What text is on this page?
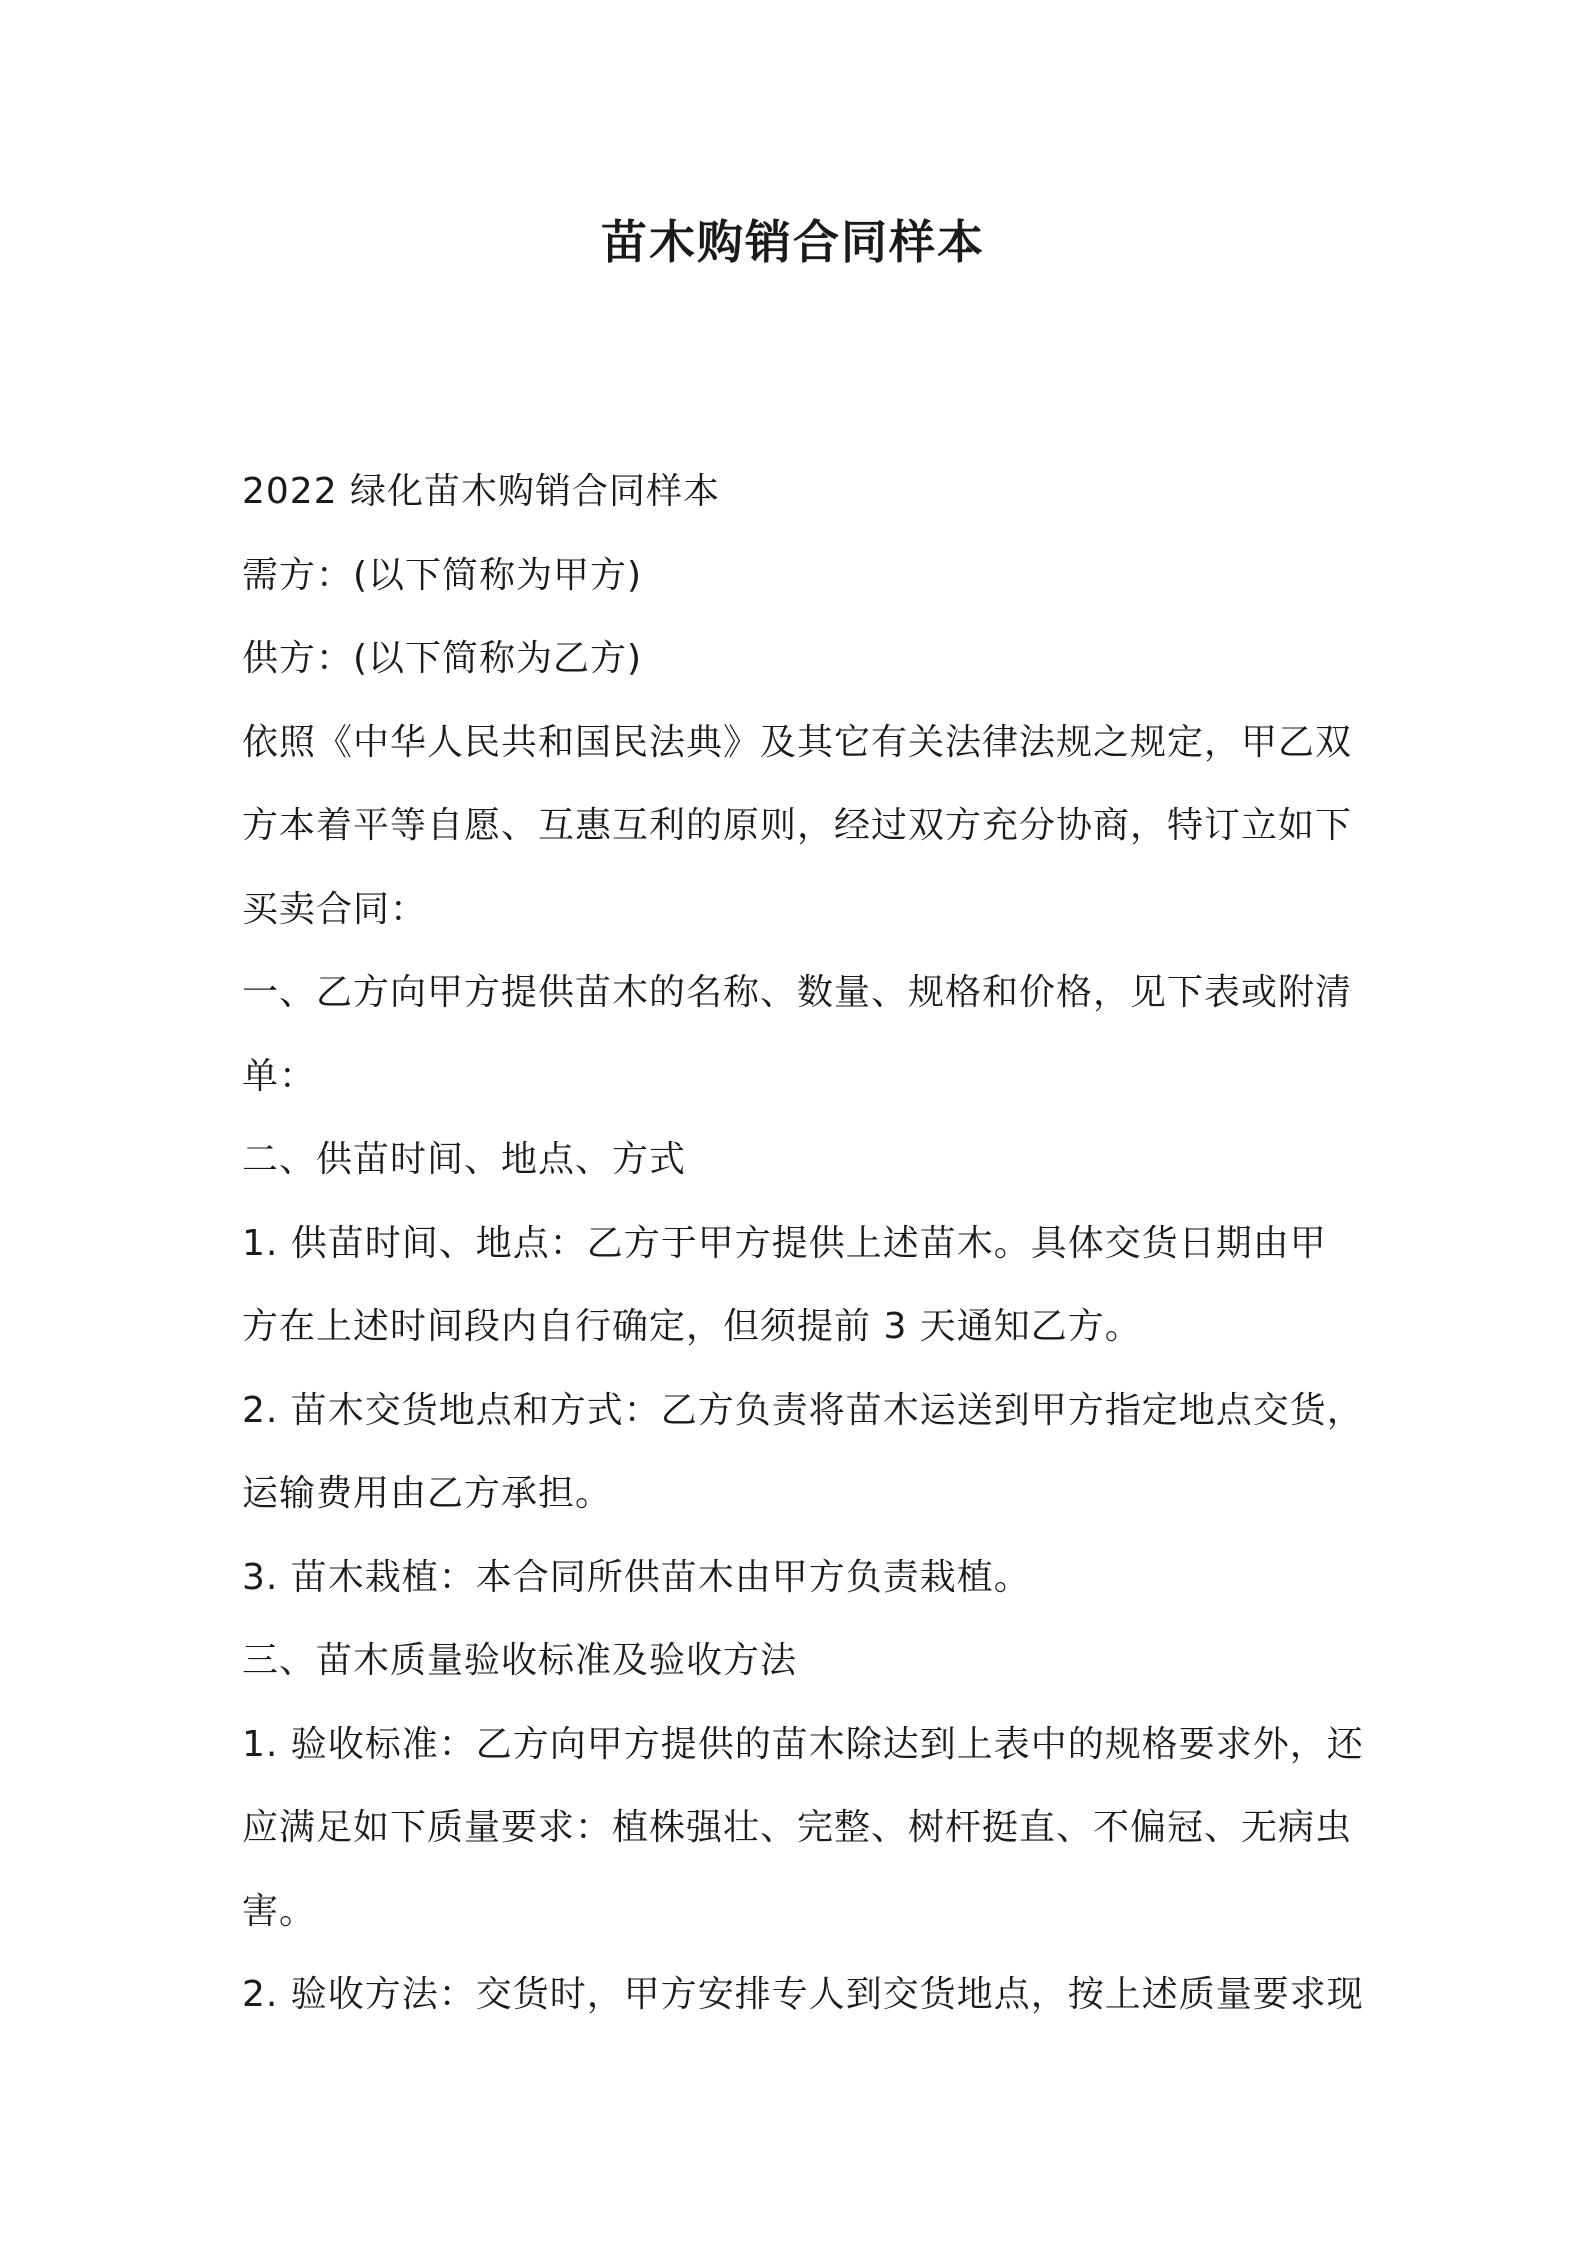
苗木购销合同样本
2022 绿化苗木购销合同样本
需方：(以下简称为甲方)
供方：(以下简称为乙方)
依照《中华人民共和国民法典》及其它有关法律法规之规定，甲乙双
方本着平等自愿、互惠互利的原则，经过双方充分协商，特订立如下
买卖合同：
一、乙方向甲方提供苗木的名称、数量、规格和价格，见下表或附清
单：
二、供苗时间、地点、方式
1. 供苗时间、地点：乙方于甲方提供上述苗木。具体交货日期由甲
方在上述时间段内自行确定，但须提前 3 天通知乙方。
2. 苗木交货地点和方式：乙方负责将苗木运送到甲方指定地点交货，
运输费用由乙方承担。
3. 苗木栽植：本合同所供苗木由甲方负责栽植。
三、苗木质量验收标准及验收方法
1. 验收标准：乙方向甲方提供的苗木除达到上表中的规格要求外，还
应满足如下质量要求：植株强壮、完整、树杆挺直、不偏冠、无病虫
害。
2. 验收方法：交货时，甲方安排专人到交货地点，按上述质量要求现
